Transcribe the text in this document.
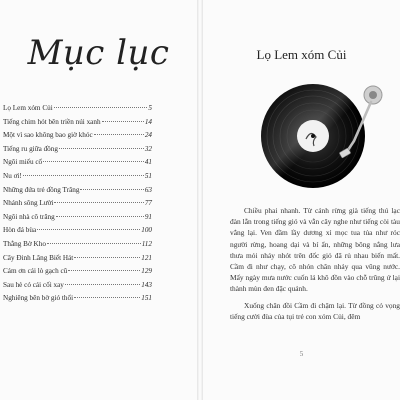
Mục lục
Lọ Lem xóm Củi	5
Tiếng chim hót bên triền núi xanh	14
Một vì sao không bao giờ khóc	24
Tiếng ru giữa đồng	32
Ngôi miếu cổ	41
Nu ơi!	51
Những đứa trẻ đồng Trăng	63
Nhánh sông Lười	77
Ngôi nhà cô trăng	91
Hòn đá bùa	100
Thằng Bờ Kho	112
Cây Đinh Lăng Biết Hát	121
Cám ơn cái lò gạch cũ	129
Sau hè có cái cối xay	143
Nghiêng bên bờ gió thổi	151
Lọ Lem xóm Củi

Chiều phai nhanh. Từ cánh rừng già tiếng thú lạc đàn lẫn trong tiếng gió và vẫn cây nghe như tiếng còi tàu vẳng lại. Ven đầm lầy dương xỉ mọc tua tủa như róc người rừng, hoang dại và bí ẩn, những bông nắng lưa thưa mỏi nhảy nhót trên đốc giỏ đã rủ nhau biến mất. Cầm đi như chạy, cô nhón chân nhảy qua vũng nước. Mấy ngày mưa nước cuốn lá khô đồn vào chỗ trũng ứ lại thành mùn đen đặc quánh.

Xuống chân đồi Cầm đi chậm lại. Từ đồng cỏ vọng tiếng cười đùa của tụi trẻ con xóm Củi, đêm

5
